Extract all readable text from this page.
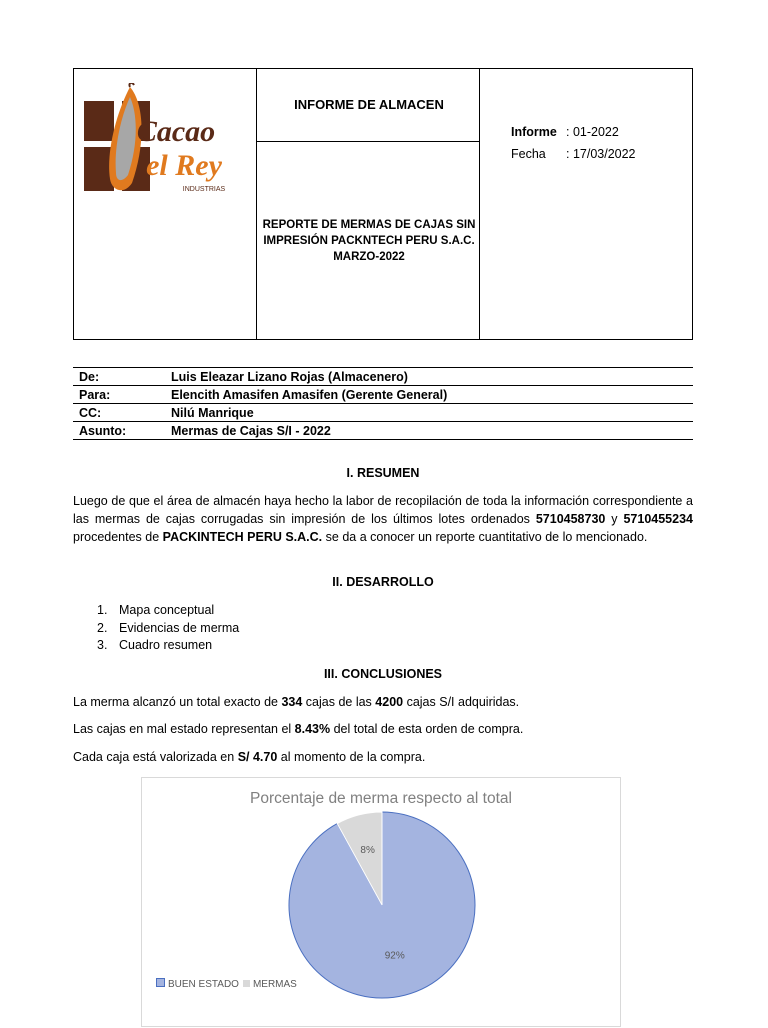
Cacao
el Rey
INDUSTRIAS
INFORME DE ALMACEN
REPORTE DE MERMAS DE CAJAS SIN
IMPRESIÓN PACKNTECH PERU S.A.C.
MARZO-2022
Informe : 01-2022
Fecha : 17/03/2022
De:	Luis Eleazar Lizano Rojas (Almacenero)
Para:	Elencith Amasifen Amasifen (Gerente General)
CC:	Nilú Manrique
Asunto:	Mermas de Cajas S/I - 2022
I. RESUMEN
Luego de que el área de almacén haya hecho la labor de recopilación de toda la información correspondiente a las mermas de cajas corrugadas sin impresión de los últimos lotes ordenados 5710458730 y 5710455234 procedentes de PACKINTECH PERU S.A.C. se da a conocer un reporte cuantitativo de lo mencionado.
II. DESARROLLO
1. Mapa conceptual
2. Evidencias de merma
3. Cuadro resumen
III. CONCLUSIONES
La merma alcanzó un total exacto de 334 cajas de las 4200 cajas S/I adquiridas.
Las cajas en mal estado representan el 8.43% del total de esta orden de compra.
Cada caja está valorizada en S/ 4.70 al momento de la compra.
Porcentaje de merma respecto al total
92%
8%
BUEN ESTADO	MERMAS
